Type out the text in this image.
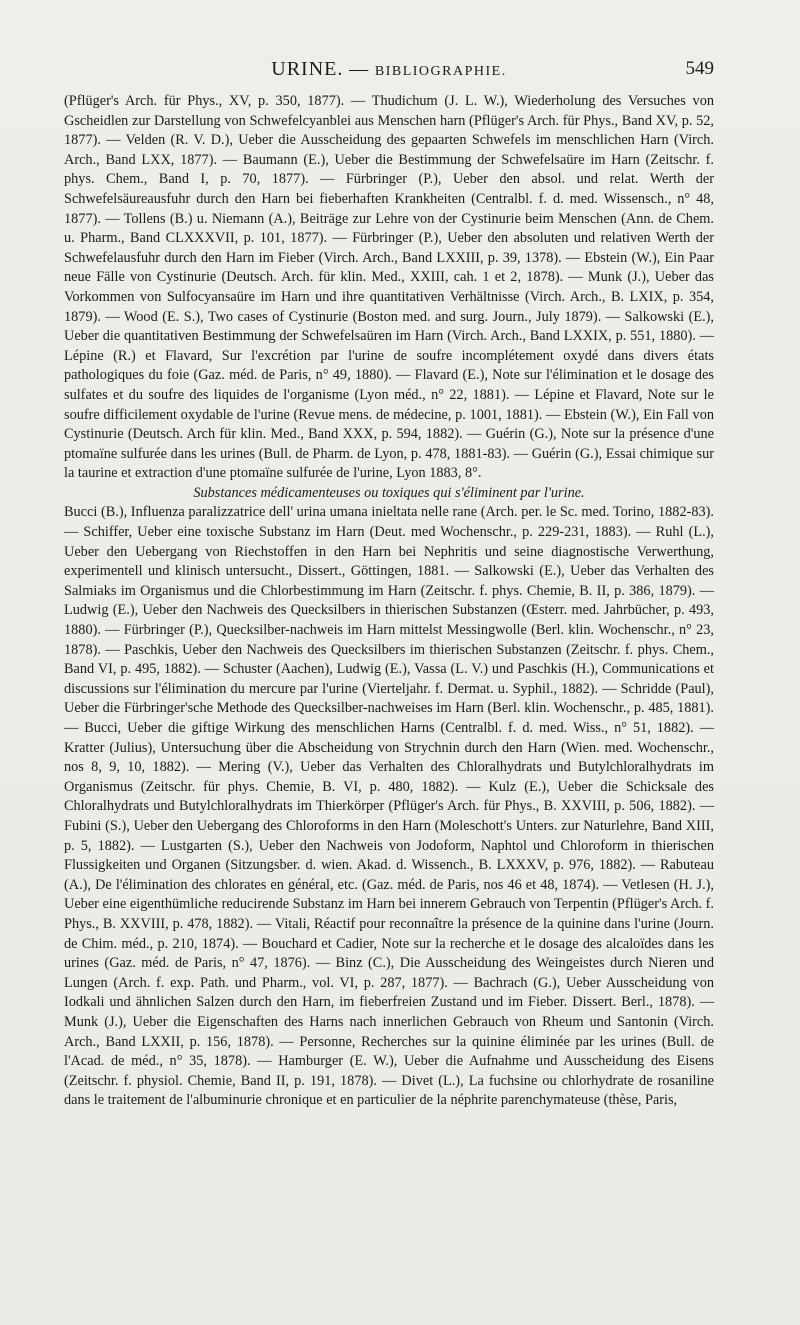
URINE. — BIBLIOGRAPHIE.	549

(Pflüger's Arch. für Phys., XV, p. 350, 1877). — Thudichum (J. L. W.), Wiederholung des Versuches von Gscheidlen zur Darstellung von Schwefelcyanblei aus Menschen harn (Pflüger's Arch. für Phys., Band XV, p. 52, 1877). — Velden (R. V. D.), Ueber die Ausscheidung des gepaarten Schwefels im menschlichen Harn (Virch. Arch., Band LXX, 1877). — Baumann (E.), Ueber die Bestimmung der Schwefelsaüre im Harn (Zeitschr. f. phys. Chem., Band I, p. 70, 1877). — Fürbringer (P.), Ueber den absol. und relat. Werth der Schwefelsäureausfuhr durch den Harn bei fieberhaften Krankheiten (Centralbl. f. d. med. Wissensch., n° 48, 1877). — Tollens (B.) u. Niemann (A.), Beiträge zur Lehre von der Cystinurie beim Menschen (Ann. de Chem. u. Pharm., Band CLXXXVII, p. 101, 1877). — Fürbringer (P.), Ueber den absoluten und relativen Werth der Schwefelausfuhr durch den Harn im Fieber (Virch. Arch., Band LXXIII, p. 39, 1378). — Ebstein (W.), Ein Paar neue Fälle von Cystinurie (Deutsch. Arch. für klin. Med., XXIII, cah. 1 et 2, 1878). — Munk (J.), Ueber das Vorkommen von Sulfocyansaüre im Harn und ihre quantitativen Verhältnisse (Virch. Arch., B. LXIX, p. 354, 1879). — Wood (E. S.), Two cases of Cystinurie (Boston med. and surg. Journ., July 1879). — Salkowski (E.), Ueber die quantitativen Bestimmung der Schwefelsaüren im Harn (Virch. Arch., Band LXXIX, p. 551, 1880). — Lépine (R.) et Flavard, Sur l'excrétion par l'urine de soufre incomplétement oxydé dans divers états pathologiques du foie (Gaz. méd. de Paris, n° 49, 1880). — Flavard (E.), Note sur l'élimination et le dosage des sulfates et du soufre des liquides de l'organisme (Lyon méd., n° 22, 1881). — Lépine et Flavard, Note sur le soufre difficilement oxydable de l'urine (Revue mens. de médecine, p. 1001, 1881). — Ebstein (W.), Ein Fall von Cystinurie (Deutsch. Arch für klin. Med., Band XXX, p. 594, 1882). — Guérin (G.), Note sur la présence d'une ptomaïne sulfurée dans les urines (Bull. de Pharm. de Lyon, p. 478, 1881-83). — Guérin (G.), Essai chimique sur la taurine et extraction d'une ptomaïne sulfurée de l'urine, Lyon 1883, 8°.

Substances médicamenteuses ou toxiques qui s'éliminent par l'urine.

Bucci (B.), Influenza paralizzatrice dell' urina umana inieltata nelle rane (Arch. per. le Sc. med. Torino, 1882-83). — Schiffer, Ueber eine toxische Substanz im Harn (Deut. med Wochenschr., p. 229-231, 1883). — Ruhl (L.), Ueber den Uebergang von Riechstoffen in den Harn bei Nephritis und seine diagnostische Verwerthung, experimentell und klinisch untersucht., Dissert., Göttingen, 1881. — Salkowski (E.), Ueber das Verhalten des Salmiaks im Organismus und die Chlorbestimmung im Harn (Zeitschr. f. phys. Chemie, B. II, p. 386, 1879). — Ludwig (E.), Ueber den Nachweis des Quecksilbers in thierischen Substanzen (Œsterr. med. Jahrbücher, p. 493, 1880). — Fürbringer (P.), Quecksilber-nachweis im Harn mittelst Messingwolle (Berl. klin. Wochenschr., n° 23, 1878). — Paschkis, Ueber den Nachweis des Quecksilbers im thierischen Substanzen (Zeitschr. f. phys. Chem., Band VI, p. 495, 1882). — Schuster (Aachen), Ludwig (E.), Vassa (L. V.) und Paschkis (H.), Communications et discussions sur l'élimination du mercure par l'urine (Vierteljahr. f. Dermat. u. Syphil., 1882). — Schridde (Paul), Ueber die Fürbringer'sche Methode des Quecksilber-nachweises im Harn (Berl. klin. Wochenschr., p. 485, 1881). — Bucci, Ueber die giftige Wirkung des menschlichen Harns (Centralbl. f. d. med. Wiss., n° 51, 1882). — Kratter (Julius), Untersuchung über die Abscheidung von Strychnin durch den Harn (Wien. med. Wochenschr., nos 8, 9, 10, 1882). — Mering (V.), Ueber das Verhalten des Chloralhydrats und Butylchloralhydrats im Organismus (Zeitschr. für phys. Chemie, B. VI, p. 480, 1882). — Kulz (E.), Ueber die Schicksale des Chloralhydrats und Butylchloralhydrats im Thierkörper (Pflüger's Arch. für Phys., B. XXVIII, p. 506, 1882). — Fubini (S.), Ueber den Uebergang des Chloroforms in den Harn (Moleschott's Unters. zur Naturlehre, Band XIII, p. 5, 1882). — Lustgarten (S.), Ueber den Nachweis von Jodoform, Naphtol und Chloroform in thierischen Flussigkeiten und Organen (Sitzungsber. d. wien. Akad. d. Wissench., B. LXXXV, p. 976, 1882). — Rabuteau (A.), De l'élimination des chlorates en général, etc. (Gaz. méd. de Paris, nos 46 et 48, 1874). — Vetlesen (H. J.), Ueber eine eigenthümliche reducirende Substanz im Harn bei innerem Gebrauch von Terpentin (Pflüger's Arch. f. Phys., B. XXVIII, p. 478, 1882). — Vitali, Réactif pour reconnaître la présence de la quinine dans l'urine (Journ. de Chim. méd., p. 210, 1874). — Bouchard et Cadier, Note sur la recherche et le dosage des alcaloïdes dans les urines (Gaz. méd. de Paris, n° 47, 1876). — Binz (C.), Die Ausscheidung des Weingeistes durch Nieren und Lungen (Arch. f. exp. Path. und Pharm., vol. VI, p. 287, 1877). — Bachrach (G.), Ueber Ausscheidung von Iodkali und ähnlichen Salzen durch den Harn, im fieberfreien Zustand und im Fieber. Dissert. Berl., 1878). — Munk (J.), Ueber die Eigenschaften des Harns nach innerlichen Gebrauch von Rheum und Santonin (Virch. Arch., Band LXXII, p. 156, 1878). — Personne, Recherches sur la quinine éliminée par les urines (Bull. de l'Acad. de méd., n° 35, 1878). — Hamburger (E. W.), Ueber die Aufnahme und Ausscheidung des Eisens (Zeitschr. f. physiol. Chemie, Band II, p. 191, 1878). — Divet (L.), La fuchsine ou chlorhydrate de rosaniline dans le traitement de l'albuminurie chronique et en particulier de la néphrite parenchymateuse (thèse, Paris,
